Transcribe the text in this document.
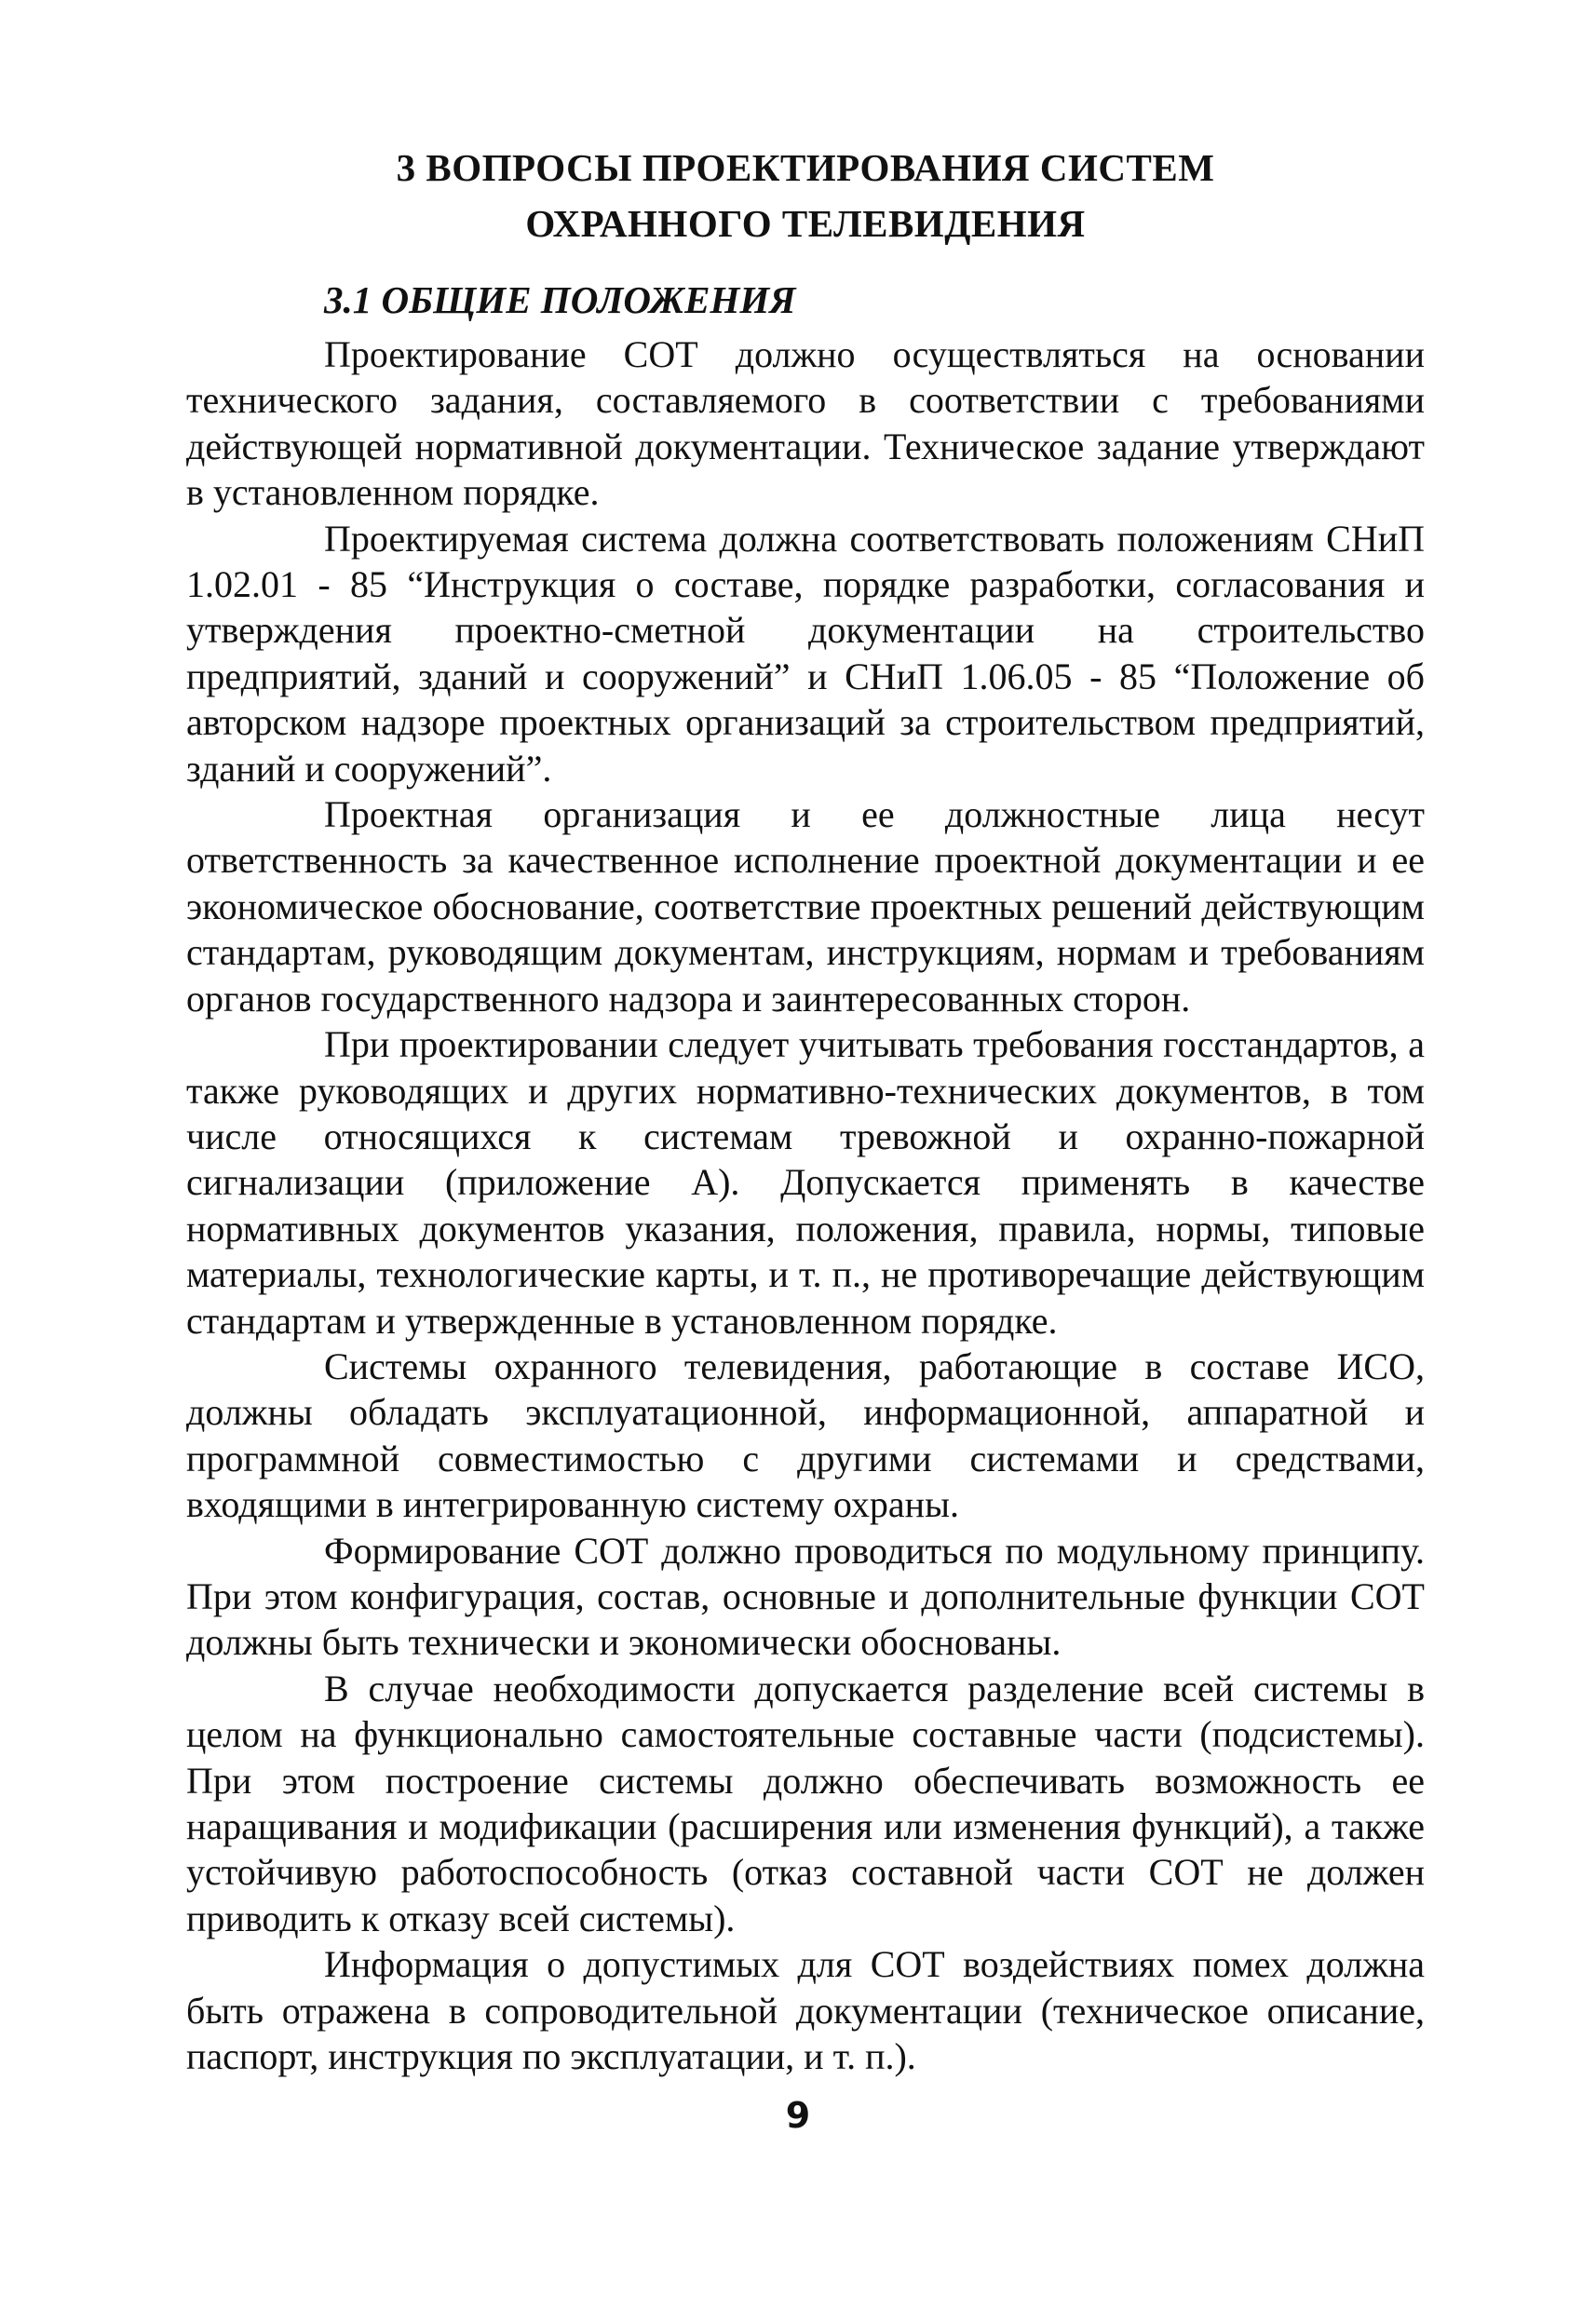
3 ВОПРОСЫ ПРОЕКТИРОВАНИЯ СИСТЕМ
ОХРАННОГО ТЕЛЕВИДЕНИЯ
3.1 ОБЩИЕ ПОЛОЖЕНИЯ

Проектирование СОТ должно осуществляться на основании технического задания, составляемого в соответствии с требованиями действующей нормативной документации. Техническое задание утверждают в установленном порядке.

Проектируемая система должна соответствовать положениям СНиП 1.02.01 - 85 “Инструкция о составе, порядке разработки, согласования и утверждения проектно-сметной документации на строительство предприятий, зданий и сооружений” и СНиП 1.06.05 - 85 “Положение об авторском надзоре проектных организаций за строительством предприятий, зданий и сооружений”.

Проектная организация и ее должностные лица несут ответственность за качественное исполнение проектной документации и ее экономическое обоснование, соответствие проектных решений действующим стандартам, руководящим документам, инструкциям, нормам и требованиям органов государственного надзора и заинтересованных сторон.

При проектировании следует учитывать требования госстандартов, а также руководящих и других нормативно-технических документов, в том числе относящихся к системам тревожной и охранно-пожарной сигнализации (приложение А). Допускается применять в качестве нормативных документов указания, положения, правила, нормы, типовые материалы, технологические карты, и т. п., не противоречащие действующим стандартам и утвержденные в установленном порядке.

Системы охранного телевидения, работающие в составе ИСО, должны обладать эксплуатационной, информационной, аппаратной и программной совместимостью с другими системами и средствами, входящими в интегрированную систему охраны.

Формирование СОТ должно проводиться по модульному принципу. При этом конфигурация, состав, основные и дополнительные функции СОТ должны быть технически и экономически обоснованы.

В случае необходимости допускается разделение всей системы в целом на функционально самостоятельные составные части (подсистемы). При этом построение системы должно обеспечивать возможность ее наращивания и модификации (расширения или изменения функций), а также устойчивую работоспособность (отказ составной части СОТ не должен приводить к отказу всей системы).

Информация о допустимых для СОТ воздействиях помех должна быть отражена в сопроводительной документации (техническое описание, паспорт, инструкция по эксплуатации, и т. п.).

9
